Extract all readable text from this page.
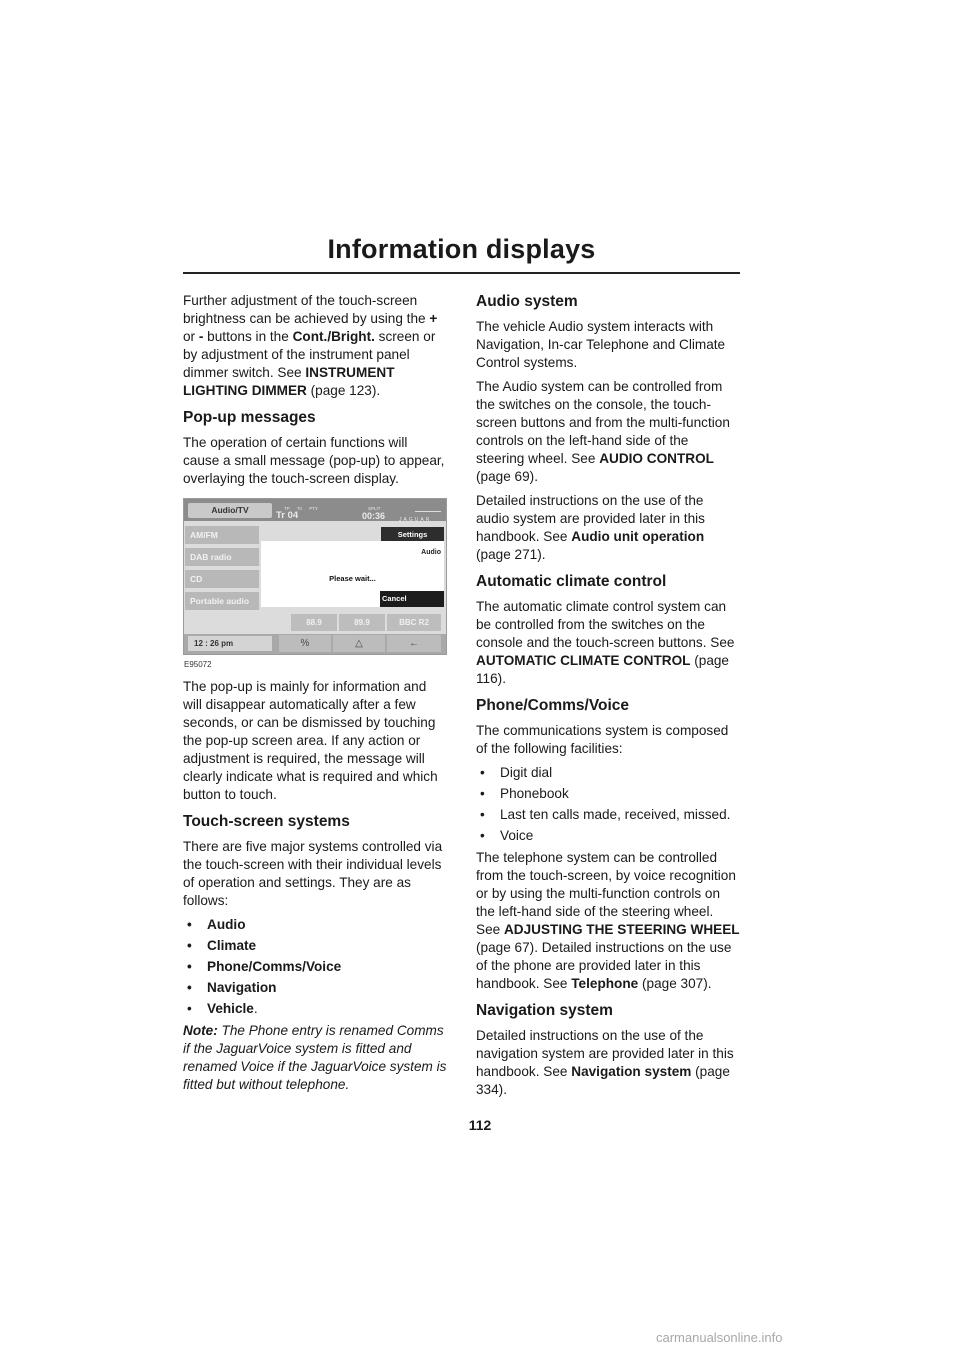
Information displays

Further adjustment of the touch-screen brightness can be achieved by using the + or - buttons in the Cont./Bright. screen or by adjustment of the instrument panel dimmer switch. See INSTRUMENT LIGHTING DIMMER (page 123).

Pop-up messages

The operation of certain functions will cause a small message (pop-up) to appear, overlaying the touch-screen display.

Audio/TV	TP TA PTY	SPLIT
Tr 04	00:36	JAGUAR
AM/FM
DAB radio
CD
Portable audio
Settings
Audio
Please wait...
Cancel
88.9	89.9	BBC R2
12 : 26 pm	%	△	←
E95072

The pop-up is mainly for information and will disappear automatically after a few seconds, or can be dismissed by touching the pop-up screen area. If any action or adjustment is required, the message will clearly indicate what is required and which button to touch.

Touch-screen systems

There are five major systems controlled via the touch-screen with their individual levels of operation and settings. They are as follows:

• Audio
• Climate
• Phone/Comms/Voice
• Navigation
• Vehicle.

Note: The Phone entry is renamed Comms if the JaguarVoice system is fitted and renamed Voice if the JaguarVoice system is fitted but without telephone.

Audio system

The vehicle Audio system interacts with Navigation, In-car Telephone and Climate Control systems.

The Audio system can be controlled from the switches on the console, the touch-screen buttons and from the multi-function controls on the left-hand side of the steering wheel. See AUDIO CONTROL (page 69).

Detailed instructions on the use of the audio system are provided later in this handbook. See Audio unit operation (page 271).

Automatic climate control

The automatic climate control system can be controlled from the switches on the console and the touch-screen buttons. See AUTOMATIC CLIMATE CONTROL (page 116).

Phone/Comms/Voice

The communications system is composed of the following facilities:

• Digit dial
• Phonebook
• Last ten calls made, received, missed.
• Voice

The telephone system can be controlled from the touch-screen, by voice recognition or by using the multi-function controls on the left-hand side of the steering wheel. See ADJUSTING THE STEERING WHEEL (page 67). Detailed instructions on the use of the phone are provided later in this handbook. See Telephone (page 307).

Navigation system

Detailed instructions on the use of the navigation system are provided later in this handbook. See Navigation system (page 334).

112
carmanualsonline.info
